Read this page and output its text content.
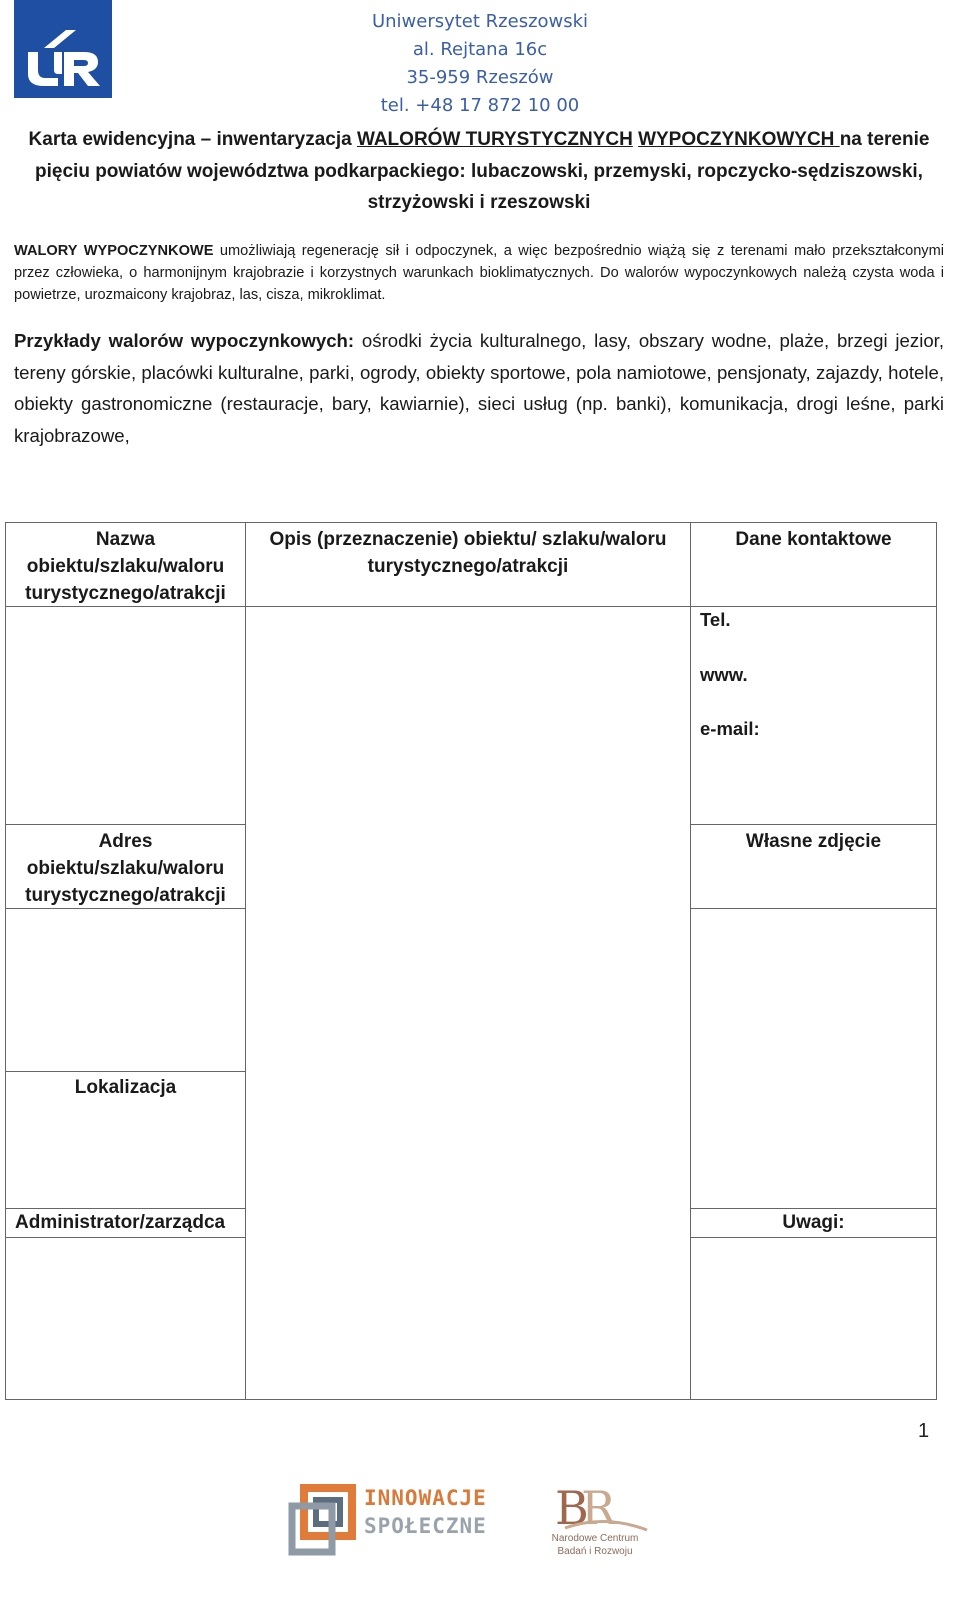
Uniwersytet Rzeszowski
al. Rejtana 16c
35-959 Rzeszów
tel. +48 17 872 10 00
Karta ewidencyjna – inwentaryzacja WALORÓW TURYSTYCZNYCH WYPOCZYNKOWYCH na terenie pięciu powiatów województwa podkarpackiego: lubaczowski, przemyski, ropczycko-sędziszowski, strzyżowski i rzeszowski
WALORY WYPOCZYNKOWE umożliwiają regenerację sił i odpoczynek, a więc bezpośrednio wiążą się z terenami mało przekształconymi przez człowieka, o harmonijnym krajobrazie i korzystnych warunkach bioklimatycznych. Do walorów wypoczynkowych należą czysta woda i powietrze, urozmaicony krajobraz, las, cisza, mikroklimat.
Przykłady walorów wypoczynkowych: ośrodki życia kulturalnego, lasy, obszary wodne, plaże, brzegi jezior, tereny górskie, placówki kulturalne, parki, ogrody, obiekty sportowe, pola namiotowe, pensjonaty, zajazdy, hotele, obiekty gastronomiczne (restauracje, bary, kawiarnie), sieci usług (np. banki), komunikacja, drogi leśne, parki krajobrazowe,
Nazwa obiektu/szlaku/waloru turystycznego/atrakcji
Adres obiektu/szlaku/waloru turystycznego/atrakcji
Lokalizacja
Administrator/zarządca
Opis (przeznaczenie) obiektu/ szlaku/waloru turystycznego/atrakcji
Dane kontaktowe
Własne zdjęcie
Uwagi:
Tel.
www.
e-mail:
1
INNOWACJE
SPOŁECZNE B
R
Narodowe Centrum
Badań i Rozwoju
